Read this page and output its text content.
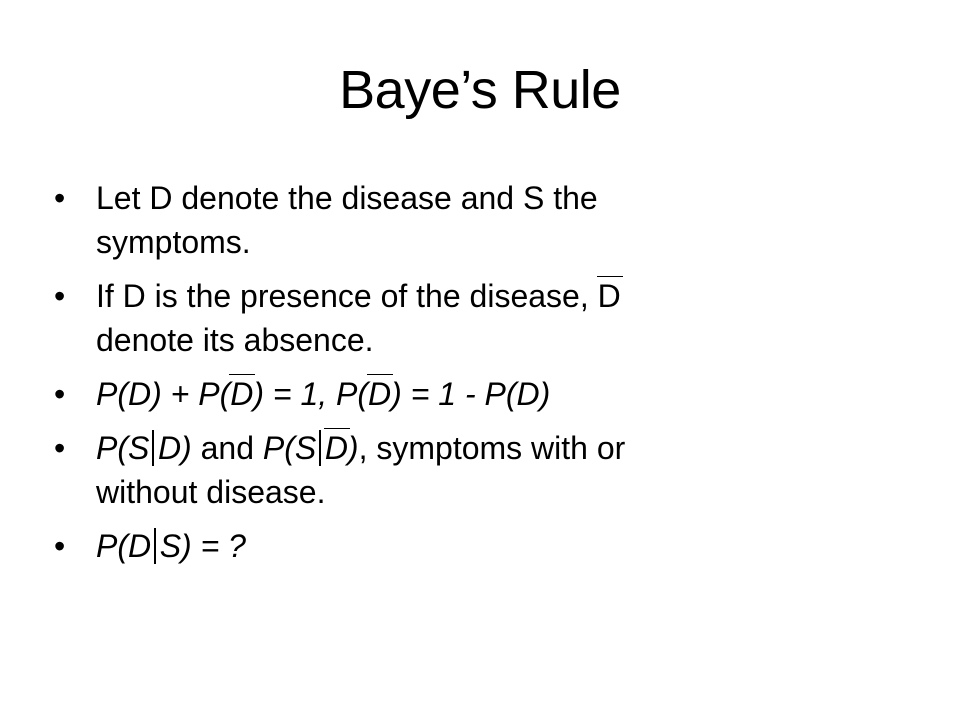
Baye’s Rule
• Let D denote the disease and S the
symptoms.
• If D is the presence of the disease, D
denote its absence.
• P(D) + P(D) = 1, P(D) = 1 - P(D)
• P(S D) and P(S D), symptoms with or
without disease.
• P(D S) = ?
